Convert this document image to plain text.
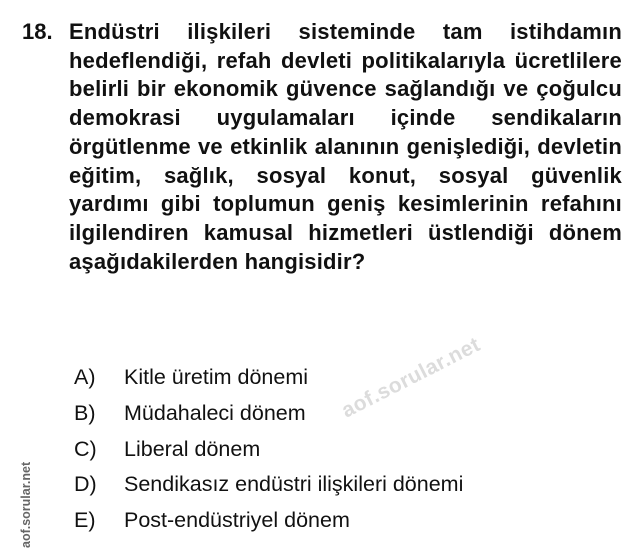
18. Endüstri ilişkileri sisteminde tam istihdamın hedeflendiği, refah devleti politikalarıyla ücretlilere belirli bir ekonomik güvence sağlandığı ve çoğulcu demokrasi uygulamaları içinde sendikaların örgütlenme ve etkinlik alanının genişlediği, devletin eğitim, sağlık, sosyal konut, sosyal güvenlik yardımı gibi toplumun geniş kesimlerinin refahını ilgilendiren kamusal hizmetleri üstlendiği dönem aşağıdakilerden hangisidir?
A)	Kitle üretim dönemi
B)	Müdahaleci dönem
C)	Liberal dönem
D)	Sendikasız endüstri ilişkileri dönemi
E)	Post-endüstriyel dönem
aof.sorular.net
aof.sorular.net
